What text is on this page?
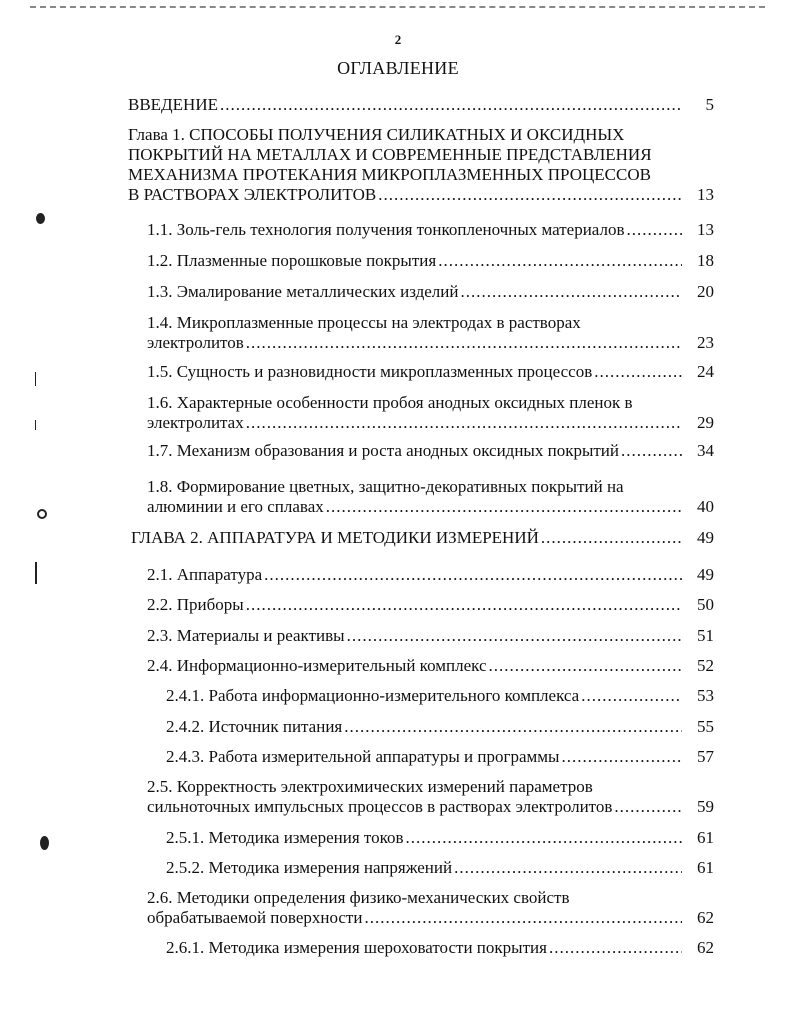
2
ОГЛАВЛЕНИЕ
ВВЕДЕНИЕ .....	5
Глава 1. СПОСОБЫ ПОЛУЧЕНИЯ СИЛИКАТНЫХ И ОКСИДНЫХ
ПОКРЫТИЙ НА МЕТАЛЛАХ И СОВРЕМЕННЫЕ ПРЕДСТАВЛЕНИЯ
МЕХАНИЗМА ПРОТЕКАНИЯ МИКРОПЛАЗМЕННЫХ ПРОЦЕССОВ
В РАСТВОРАХ ЭЛЕКТРОЛИТОВ .....	13
1.1. Золь-гель технология получения тонкопленочных материалов .....	13
1.2. Плазменные порошковые покрытия .....	18
1.3. Эмалирование металлических изделий .....	20
1.4. Микроплазменные процессы на электродах в растворах
электролитов .....	23
1.5. Сущность и разновидности микроплазменных процессов .....	24
1.6. Характерные особенности пробоя анодных оксидных пленок в
электролитах .....	29
1.7. Механизм образования и роста анодных оксидных покрытий .....	34
1.8. Формирование цветных, защитно-декоративных покрытий на
алюминии и его сплавах .....	40
ГЛАВА 2. АППАРАТУРА И МЕТОДИКИ ИЗМЕРЕНИЙ .....	49
2.1. Аппаратура .....	49
2.2. Приборы .....	50
2.3. Материалы и реактивы .....	51
2.4. Информационно-измерительный комплекс .....	52
2.4.1. Работа информационно-измерительного комплекса .....	53
2.4.2. Источник питания .....	55
2.4.3. Работа измерительной аппаратуры и программы .....	57
2.5. Корректность электрохимических измерений параметров
сильноточных импульсных процессов в растворах электролитов .....	59
2.5.1. Методика измерения токов .....	61
2.5.2. Методика измерения напряжений .....	61
2.6. Методики определения физико-механических свойств
обрабатываемой поверхности .....	62
2.6.1. Методика измерения шероховатости покрытия .....	62
